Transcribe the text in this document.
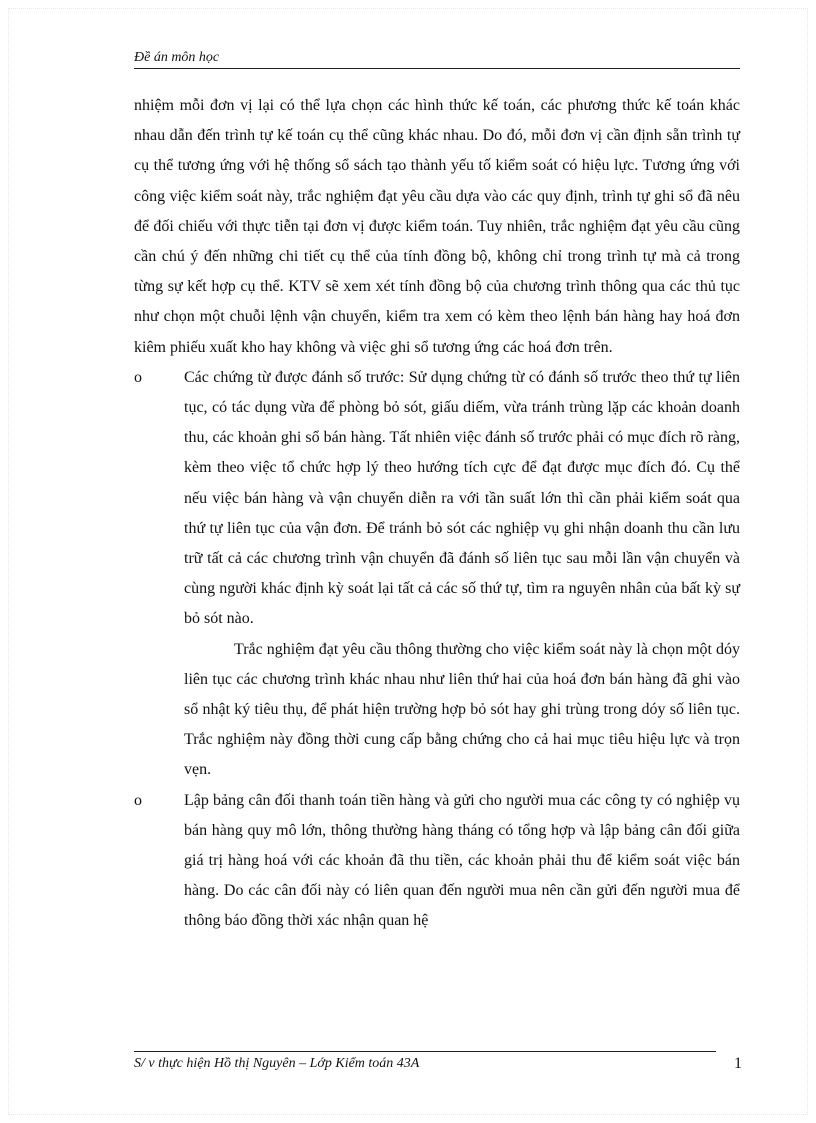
Đề án môn học

nhiệm mỗi đơn vị lại có thể lựa chọn các hình thức kế toán, các phương thức kế toán khác nhau dẫn đến trình tự kế toán cụ thể cũng khác nhau. Do đó, mỗi đơn vị cần định sẵn trình tự cụ thể tương ứng với hệ thống sổ sách tạo thành yếu tố kiểm soát có hiệu lực. Tương ứng với công việc kiểm soát này, trắc nghiệm đạt yêu cầu dựa vào các quy định, trình tự ghi sổ đã nêu để đối chiếu với thực tiễn tại đơn vị được kiểm toán. Tuy nhiên, trắc nghiệm đạt yêu cầu cũng cần chú ý đến những chi tiết cụ thể của tính đồng bộ, không chỉ trong trình tự mà cả trong từng sự kết hợp cụ thể. KTV sẽ xem xét tính đồng bộ của chương trình thông qua các thủ tục như chọn một chuỗi lệnh vận chuyển, kiểm tra xem có kèm theo lệnh bán hàng hay hoá đơn kiêm phiếu xuất kho hay không và việc ghi sổ tương ứng các hoá đơn trên.

o	Các chứng từ được đánh số trước: Sử dụng chứng từ có đánh số trước theo thứ tự liên tục, có tác dụng vừa để phòng bỏ sót, giấu diếm, vừa tránh trùng lặp các khoản doanh thu, các khoản ghi sổ bán hàng. Tất nhiên việc đánh số trước phải có mục đích rõ ràng, kèm theo việc tổ chức hợp lý theo hướng tích cực để đạt được mục đích đó. Cụ thể nếu việc bán hàng và vận chuyển diễn ra với tần suất lớn thì cần phải kiểm soát qua thứ tự liên tục của vận đơn. Để tránh bỏ sót các nghiệp vụ ghi nhận doanh thu cần lưu trữ tất cả các chương trình vận chuyển đã đánh số liên tục sau mỗi lần vận chuyển và cùng người khác định kỳ soát lại tất cả các số thứ tự, tìm ra nguyên nhân của bất kỳ sự bỏ sót nào.
Trắc nghiệm đạt yêu cầu thông thường cho việc kiểm soát này là chọn một dóy liên tục các chương trình khác nhau như liên thứ hai của hoá đơn bán hàng đã ghi vào sổ nhật ký tiêu thụ, để phát hiện trường hợp bỏ sót hay ghi trùng trong dóy số liên tục. Trắc nghiệm này đồng thời cung cấp bằng chứng cho cả hai mục tiêu hiệu lực và trọn vẹn.
o	Lập bảng cân đối thanh toán tiền hàng và gửi cho người mua các công ty có nghiệp vụ bán hàng quy mô lớn, thông thường hàng tháng có tổng hợp và lập bảng cân đối giữa giá trị hàng hoá với các khoản đã thu tiền, các khoản phải thu để kiểm soát việc bán hàng. Do các cân đối này có liên quan đến người mua nên cần gửi đến người mua để thông báo đồng thời xác nhận quan hệ
S/ v thực hiện Hồ thị Nguyên – Lớp Kiểm toán 43A	1
